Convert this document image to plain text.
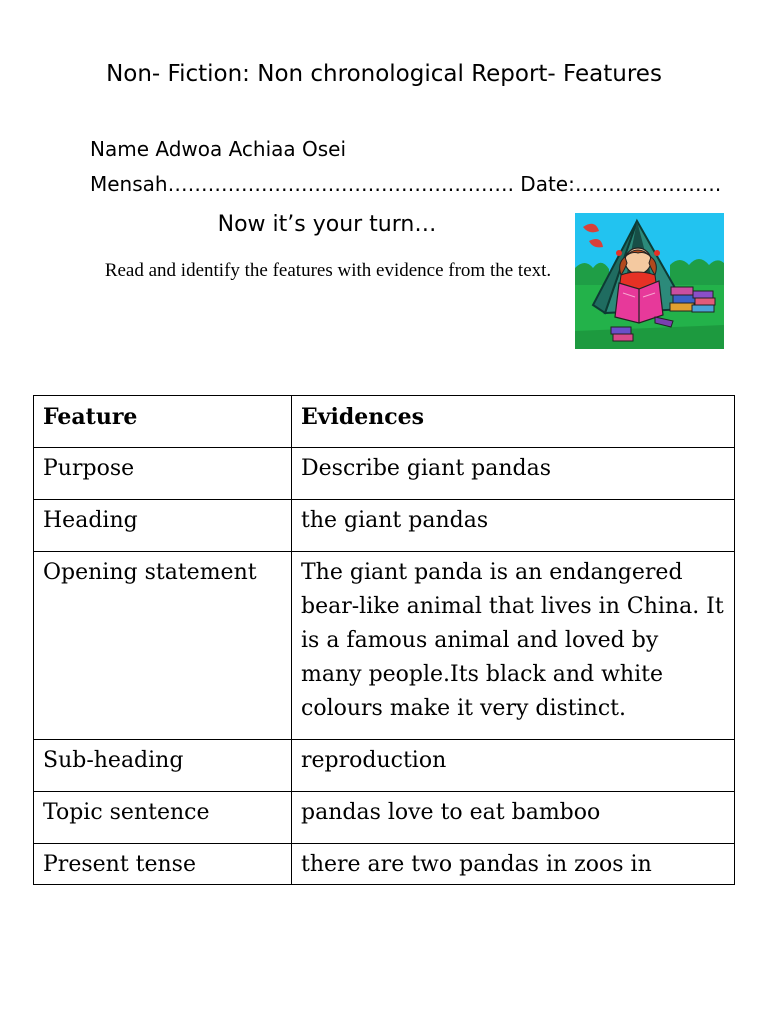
Non- Fiction: Non chronological Report- Features
Name Adwoa Achiaa Osei
Mensah……………………………………………. Date:………………….
Now it’s your turn…
Read and identify the features with evidence from the text.
Feature	Evidences
Purpose	Describe giant pandas
Heading	the giant pandas
Opening statement	The giant panda is an endangered bear-like animal that lives in China. It is a famous animal and loved by many people.Its black and white colours make it very distinct.
Sub-heading	reproduction
Topic sentence	pandas love to eat bamboo
Present tense	there are two pandas in zoos in
